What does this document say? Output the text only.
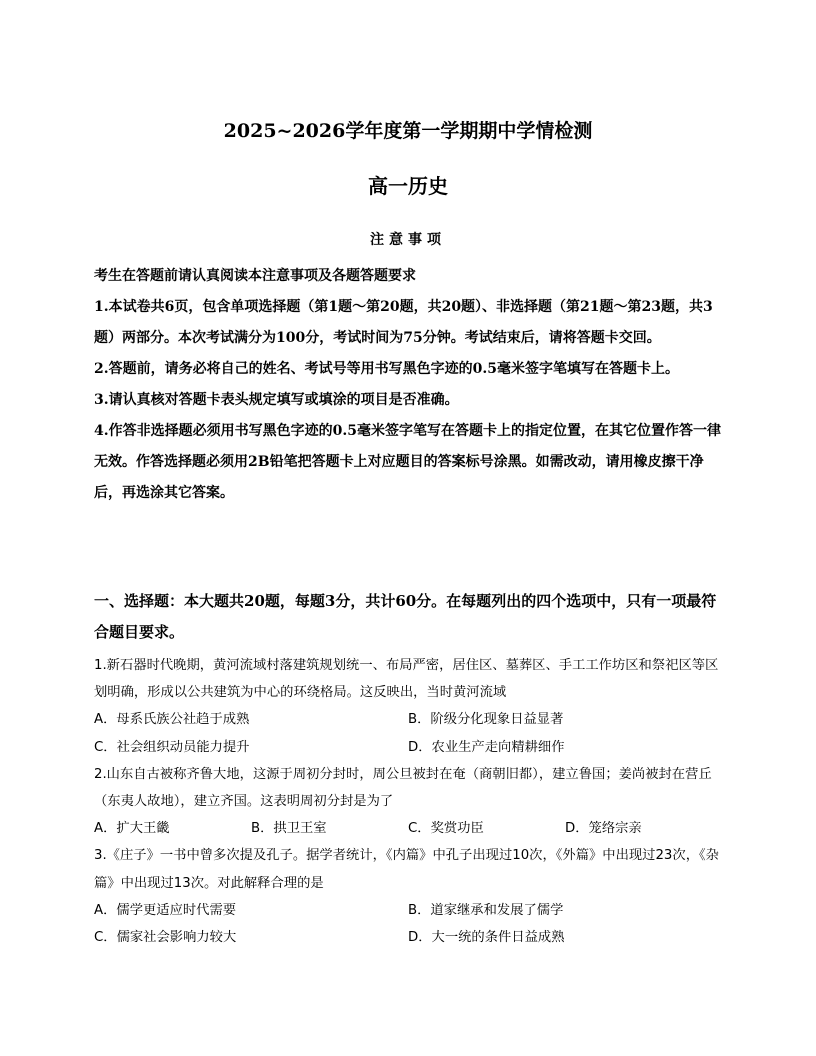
2025~2026学年度第一学期期中学情检测
高一历史
注意事项

考生在答题前请认真阅读本注意事项及各题答题要求

1.本试卷共6页，包含单项选择题（第1题～第20题，共20题）、非选择题（第21题～第23题，共3题）两部分。本次考试满分为100分，考试时间为75分钟。考试结束后，请将答题卡交回。

2.答题前，请务必将自己的姓名、考试号等用书写黑色字迹的0.5毫米签字笔填写在答题卡上。

3.请认真核对答题卡表头规定填写或填涂的项目是否准确。

4.作答非选择题必须用书写黑色字迹的0.5毫米签字笔写在答题卡上的指定位置，在其它位置作答一律无效。作答选择题必须用2B铅笔把答题卡上对应题目的答案标号涂黑。如需改动，请用橡皮擦干净后，再选涂其它答案。

一、选择题：本大题共20题，每题3分，共计60分。在每题列出的四个选项中，只有一项最符合题目要求。

1.新石器时代晚期，黄河流域村落建筑规划统一、布局严密，居住区、墓葬区、手工工作坊区和祭祀区等区划明确，形成以公共建筑为中心的环绕格局。这反映出，当时黄河流域

A．母系氏族公社趋于成熟	B．阶级分化现象日益显著
C．社会组织动员能力提升	D．农业生产走向精耕细作

2.山东自古被称齐鲁大地，这源于周初分封时，周公旦被封在奄（商朝旧都），建立鲁国；姜尚被封在营丘（东夷人故地），建立齐国。这表明周初分封是为了

A．扩大王畿	B．拱卫王室	C．奖赏功臣	D．笼络宗亲

3.《庄子》一书中曾多次提及孔子。据学者统计，《内篇》中孔子出现过10次，《外篇》中出现过23次，《杂篇》中出现过13次。对此解释合理的是

A．儒学更适应时代需要	B．道家继承和发展了儒学
C．儒家社会影响力较大	D．大一统的条件日益成熟
